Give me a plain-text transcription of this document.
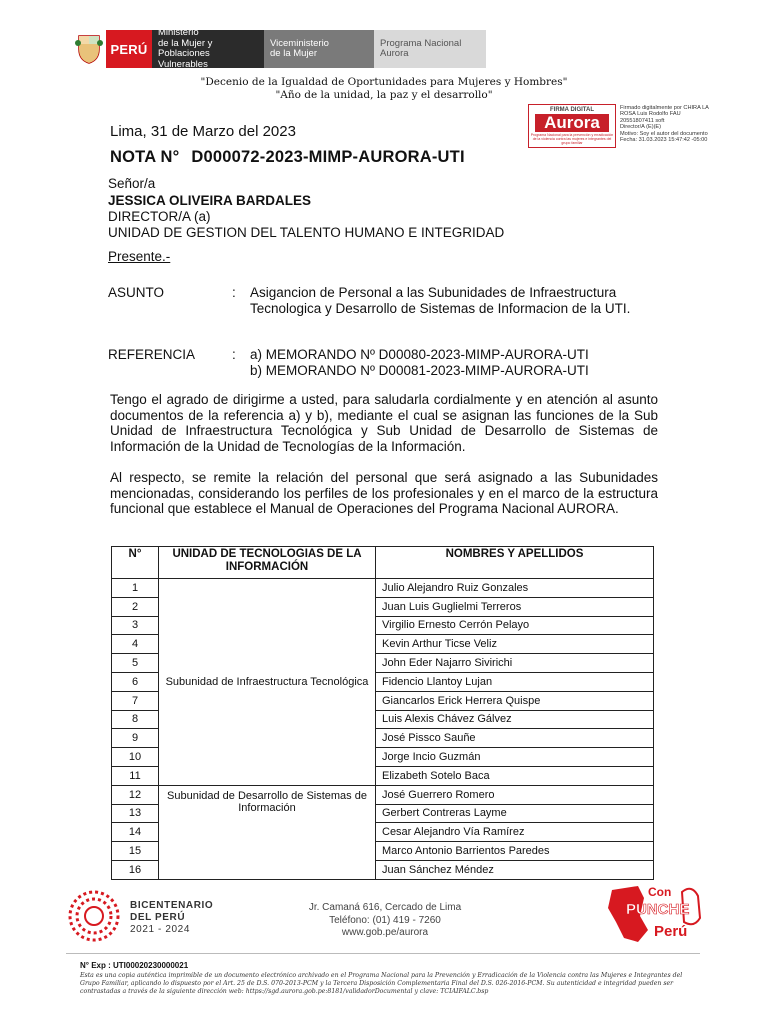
PERÚ
Ministerio
de la Mujer y
Poblaciones Vulnerables
Viceministerio
de la Mujer
Programa Nacional
Aurora
"Decenio de la Igualdad de Oportunidades para Mujeres y Hombres"
"Año de la unidad, la paz y el desarrollo"
FIRMA DIGITAL
Aurora
Programa Nacional para la prevención y erradicación de la violencia contra las mujeres e integrantes del grupo familiar
Firmado digitalmente por CHIRA LA
ROSA Luis Rodolfo FAU
20551807411 soft
Director/A (E)(E)
Motivo: Soy el autor del documento
Fecha: 31.03.2023 15:47:42 -05:00
Lima, 31 de Marzo del 2023
NOTA N° D000072-2023-MIMP-AURORA-UTI
Señor/a
JESSICA OLIVEIRA BARDALES
DIRECTOR/A (a)
UNIDAD DE GESTION DEL TALENTO HUMANO E INTEGRIDAD
Presente.-
ASUNTO	: Asigancion de Personal a las Subunidades de Infraestructura Tecnologica y Desarrollo de Sistemas de Informacion de la UTI.
REFERENCIA	: a) MEMORANDO Nº D00080-2023-MIMP-AURORA-UTI
b) MEMORANDO Nº D00081-2023-MIMP-AURORA-UTI
Tengo el agrado de dirigirme a usted, para saludarla cordialmente y en atención al asunto documentos de la referencia a) y b), mediante el cual se asignan las funciones de la Sub Unidad de Infraestructura Tecnológica y Sub Unidad de Desarrollo de Sistemas de Información de la Unidad de Tecnologías de la Información.
Al respecto, se remite la relación del personal que será asignado a las Subunidades mencionadas, considerando los perfiles de los profesionales y en el marco de la estructura funcional que establece el Manual de Operaciones del Programa Nacional AURORA.
N°	UNIDAD DE TECNOLOGIAS DE LA INFORMACIÓN	NOMBRES Y APELLIDOS
1	Subunidad de Infraestructura Tecnológica	Julio Alejandro Ruiz Gonzales
2		Juan Luis Guglielmi Terreros
3		Virgilio Ernesto Cerrón Pelayo
4		Kevin Arthur Ticse Veliz
5		John Eder Najarro Sivirichi
6		Fidencio Llantoy Lujan
7		Giancarlos Erick Herrera Quispe
8		Luis Alexis Chávez Gálvez
9		José Pissco Sauñe
10		Jorge Incio Guzmán
11		Elizabeth Sotelo Baca
12	Subunidad de Desarrollo de Sistemas de Información	José Guerrero Romero
13		Gerbert Contreras Layme
14		Cesar Alejandro Vía Ramírez
15		Marco Antonio Barrientos Paredes
16		Juan Sánchez Méndez
BICENTENARIO
DEL PERÚ
2021 - 2024
Jr. Camaná 616, Cercado de Lima
Teléfono: (01) 419 - 7260
www.gob.pe/aurora
Con
PUNCHE
Perú
N° Exp : UTI00020230000021
Esta es una copia auténtica imprimible de un documento electrónico archivado en el Programa Nacional para la Prevención y Erradicación de la Violencia contra las Mujeres e Integrantes del Grupo Familiar, aplicando lo dispuesto por el Art. 25 de D.S. 070-2013-PCM y la Tercera Disposición Complementaria Final del D.S. 026-2016-PCM. Su autenticidad e integridad pueden ser contrastadas a través de la siguiente dirección web: https://sgd.aurora.gob.pe:8181/validadorDocumental y clave: TCIAIFALC.bsp
